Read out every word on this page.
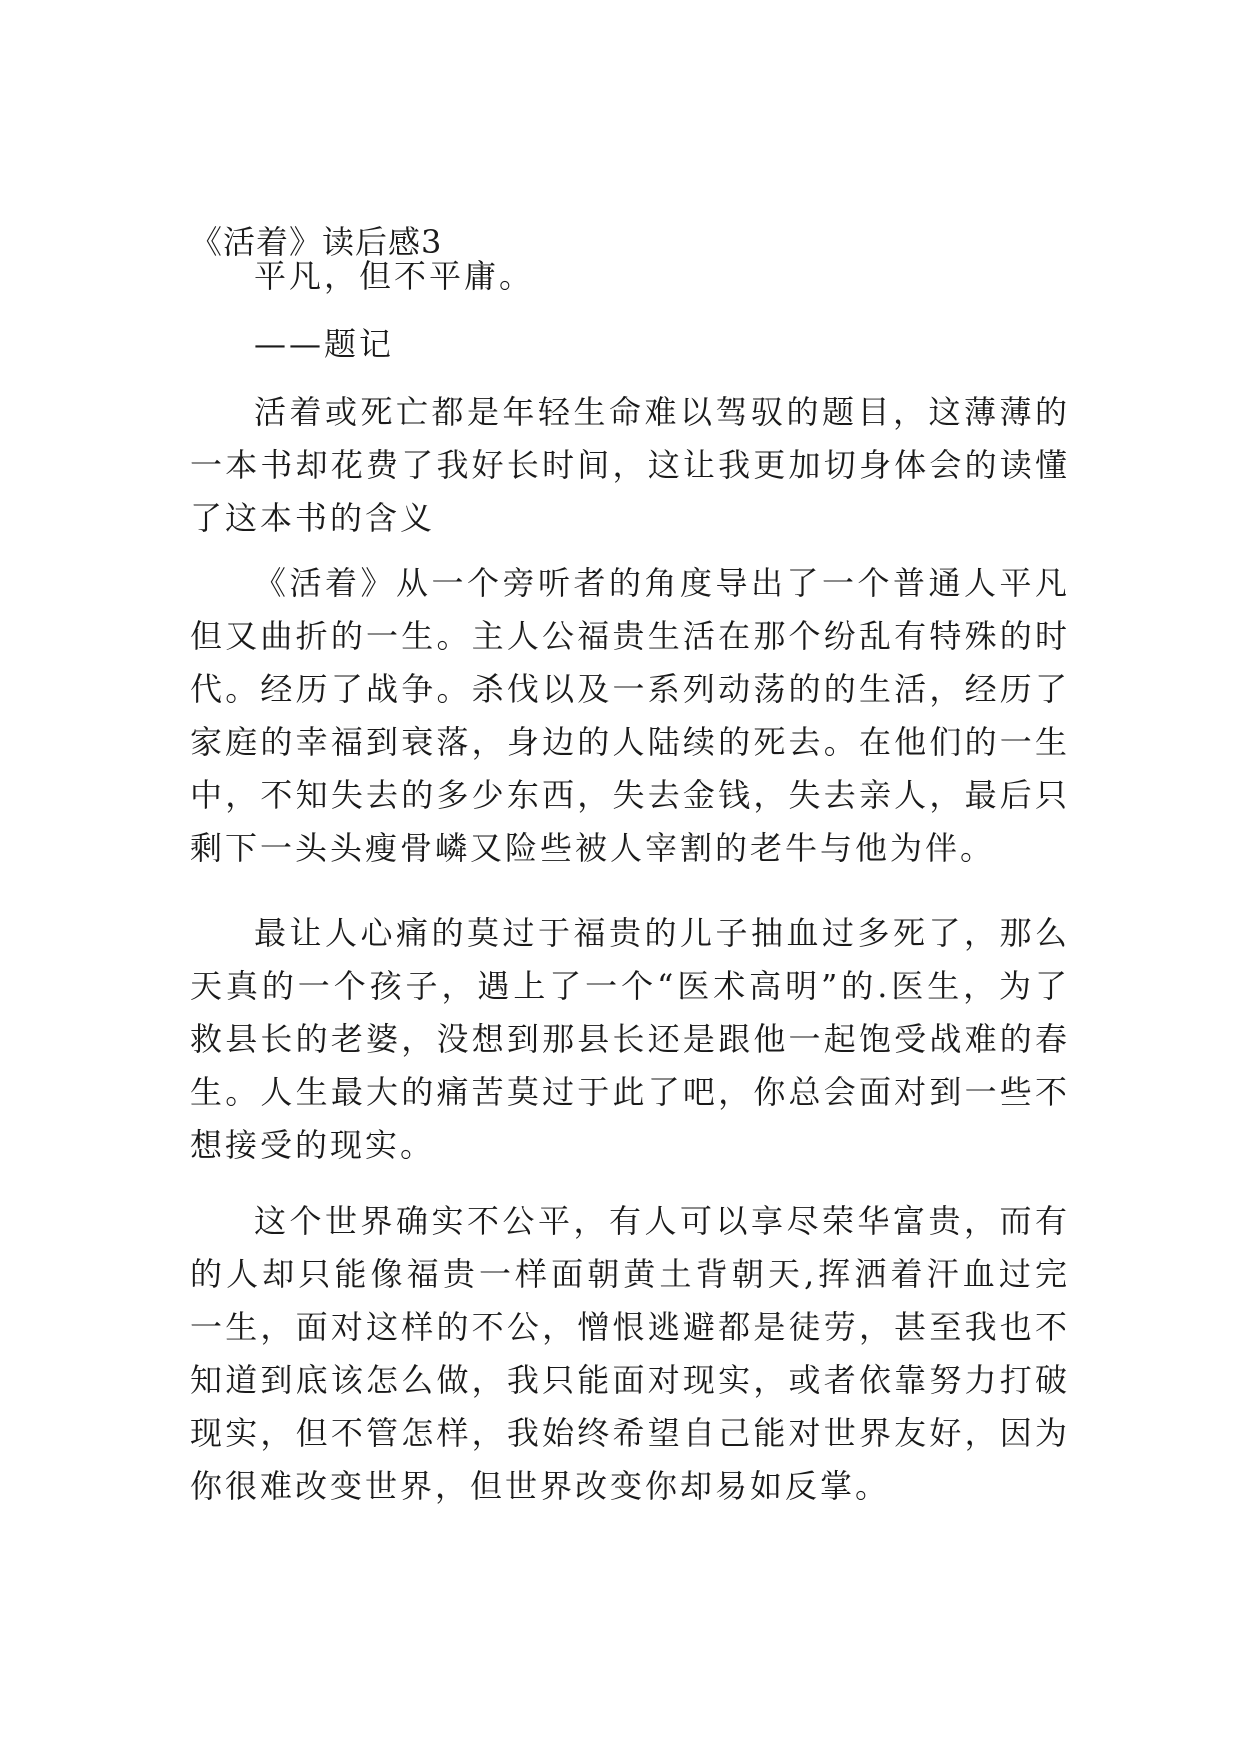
《活着》读后感3

平凡，但不平庸。

——题记

活着或死亡都是年轻生命难以驾驭的题目，这薄薄的一本书却花费了我好长时间，这让我更加切身体会的读懂了这本书的含义

《活着》从一个旁听者的角度导出了一个普通人平凡但又曲折的一生。主人公福贵生活在那个纷乱有特殊的时代。经历了战争。杀伐以及一系列动荡的的生活，经历了家庭的幸福到衰落，身边的人陆续的死去。在他们的一生中，不知失去的多少东西，失去金钱，失去亲人，最后只剩下一头头瘦骨嶙又险些被人宰割的老牛与他为伴。

最让人心痛的莫过于福贵的儿子抽血过多死了，那么天真的一个孩子，遇上了一个“医术高明”的.医生，为了救县长的老婆，没想到那县长还是跟他一起饱受战难的春生。人生最大的痛苦莫过于此了吧，你总会面对到一些不想接受的现实。

这个世界确实不公平，有人可以享尽荣华富贵，而有的人却只能像福贵一样面朝黄土背朝天,挥洒着汗血过完一生，面对这样的不公，憎恨逃避都是徒劳，甚至我也不知道到底该怎么做，我只能面对现实，或者依靠努力打破现实，但不管怎样，我始终希望自己能对世界友好，因为你很难改变世界，但世界改变你却易如反掌。
